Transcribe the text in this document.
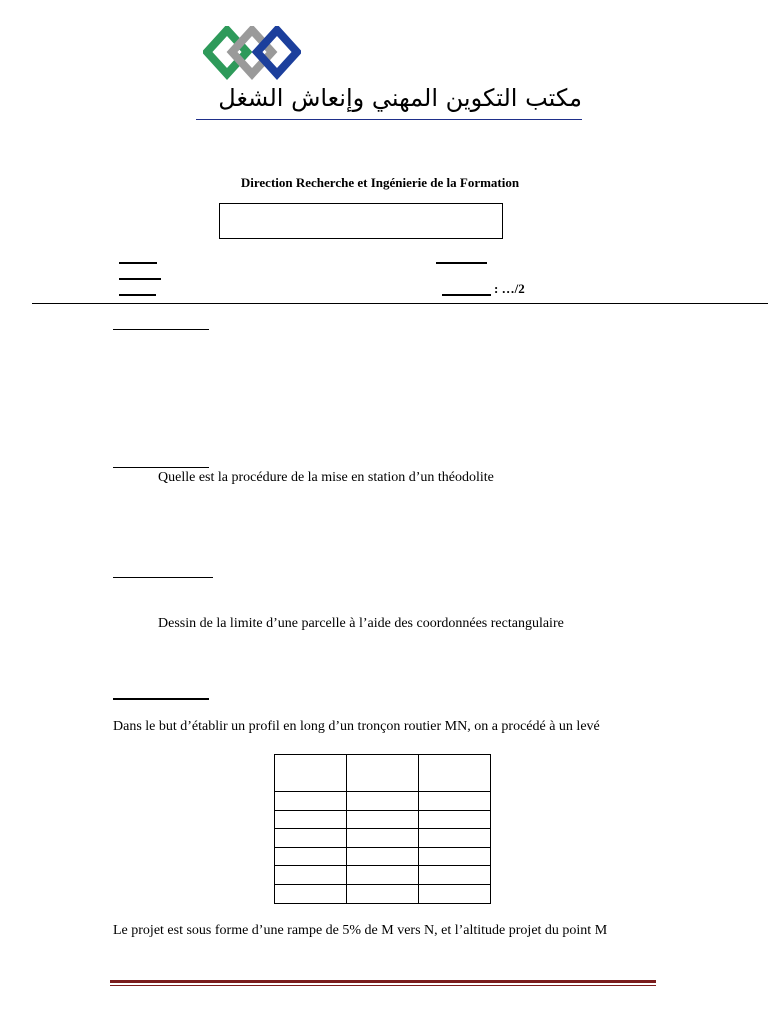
مكتب التكوين المهني وإنعاش الشغل
Direction Recherche et Ingénierie de la Formation
: …/2
Quelle est la procédure de la mise en station d’un théodolite
Dessin de la limite d’une parcelle à l’aide des coordonnées rectangulaire
Dans le but d’établir un profil en long d’un tronçon routier MN, on a procédé à un levé

Le projet est sous forme d’une rampe de 5% de M vers N, et l’altitude projet du point M
